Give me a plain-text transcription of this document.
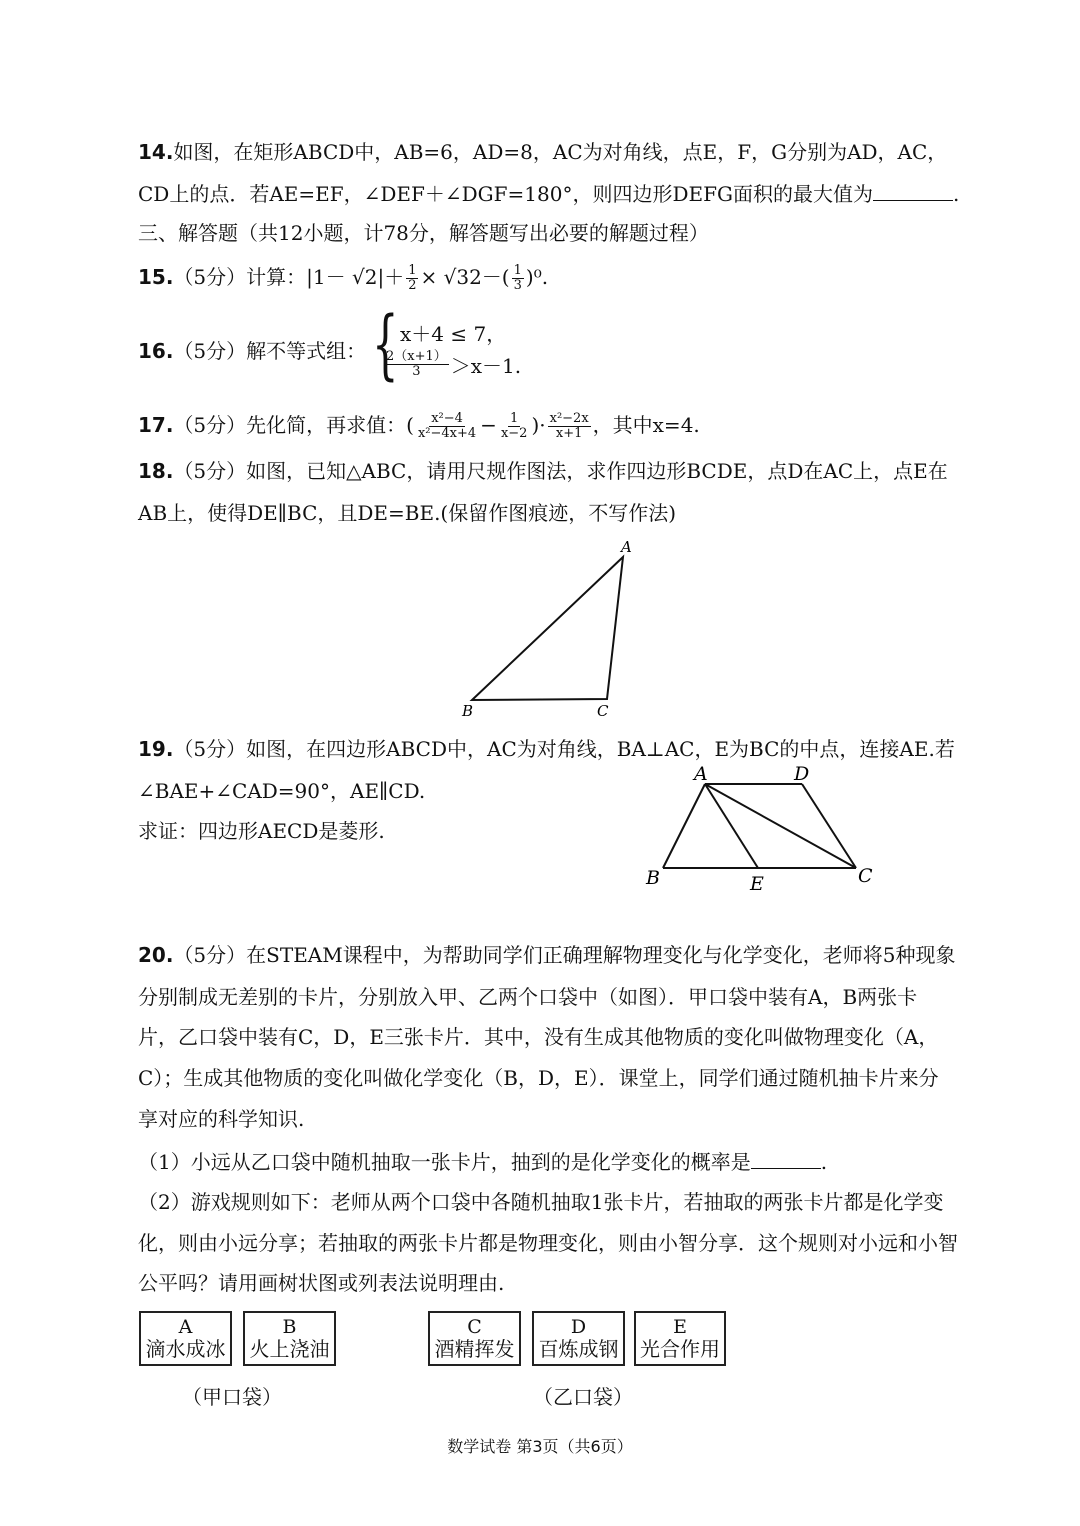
14.如图，在矩形ABCD中，AB=6，AD=8，AC为对角线，点E，F，G分别为AD，AC，
CD上的点．若AE=EF，∠DEF＋∠DGF=180°，则四边形DEFG面积的最大值为	.
三、解答题（共12小题，计78分，解答题写出必要的解题过程）
15.（5分）计算：$|1- √2|+ \frac{1}{2} \times √32-( \frac{1}{3} )^0$.
16.（5分）解不等式组： { x＋4 ≤ 7，
$\frac{2(x+1)}{3} >x-1$.
17.（5分）先化简，再求值：( $\frac{\text{x²−4}}{\text{x²−4x+4}} - \frac{1}{x-2}$ )· $\frac{\text{x²−2x}}{x+1}$ ，其中x=4.
18.（5分）如图，已知△ABC，请用尺规作图法，求作四边形BCDE，点D在AC上，点E在
AB上，使得DE∥BC，且DE=BE.(保留作图痕迹，不写作法)
A
B	C
19.（5分）如图，在四边形ABCD中，AC为对角线，BA⊥AC，E为BC的中点，连接AE.若
∠BAE+∠CAD=90°，AE∥CD.
求证：四边形AECD是菱形.
A	D
B	E	C
20.（5分）在STEAM课程中，为帮助同学们正确理解物理变化与化学变化，老师将5种现象
分别制成无差别的卡片，分别放入甲、乙两个口袋中（如图）．甲口袋中装有A，B两张卡
片，乙口袋中装有C，D，E三张卡片．其中，没有生成其他物质的变化叫做物理变化（A，
C）；生成其他物质的变化叫做化学变化（B，D，E）．课堂上，同学们通过随机抽卡片来分
享对应的科学知识.
（1）小远从乙口袋中随机抽取一张卡片，抽到的是化学变化的概率是	.
（2）游戏规则如下：老师从两个口袋中各随机抽取1张卡片，若抽取的两张卡片都是化学变
化，则由小远分享；若抽取的两张卡片都是物理变化，则由小智分享．这个规则对小远和小智
公平吗？请用画树状图或列表法说明理由.
A
滴水成冰
B
火上浇油
C
酒精挥发
D
百炼成钢
E
光合作用
（甲口袋）	（乙口袋）
数学试卷 第3页（共6页）
